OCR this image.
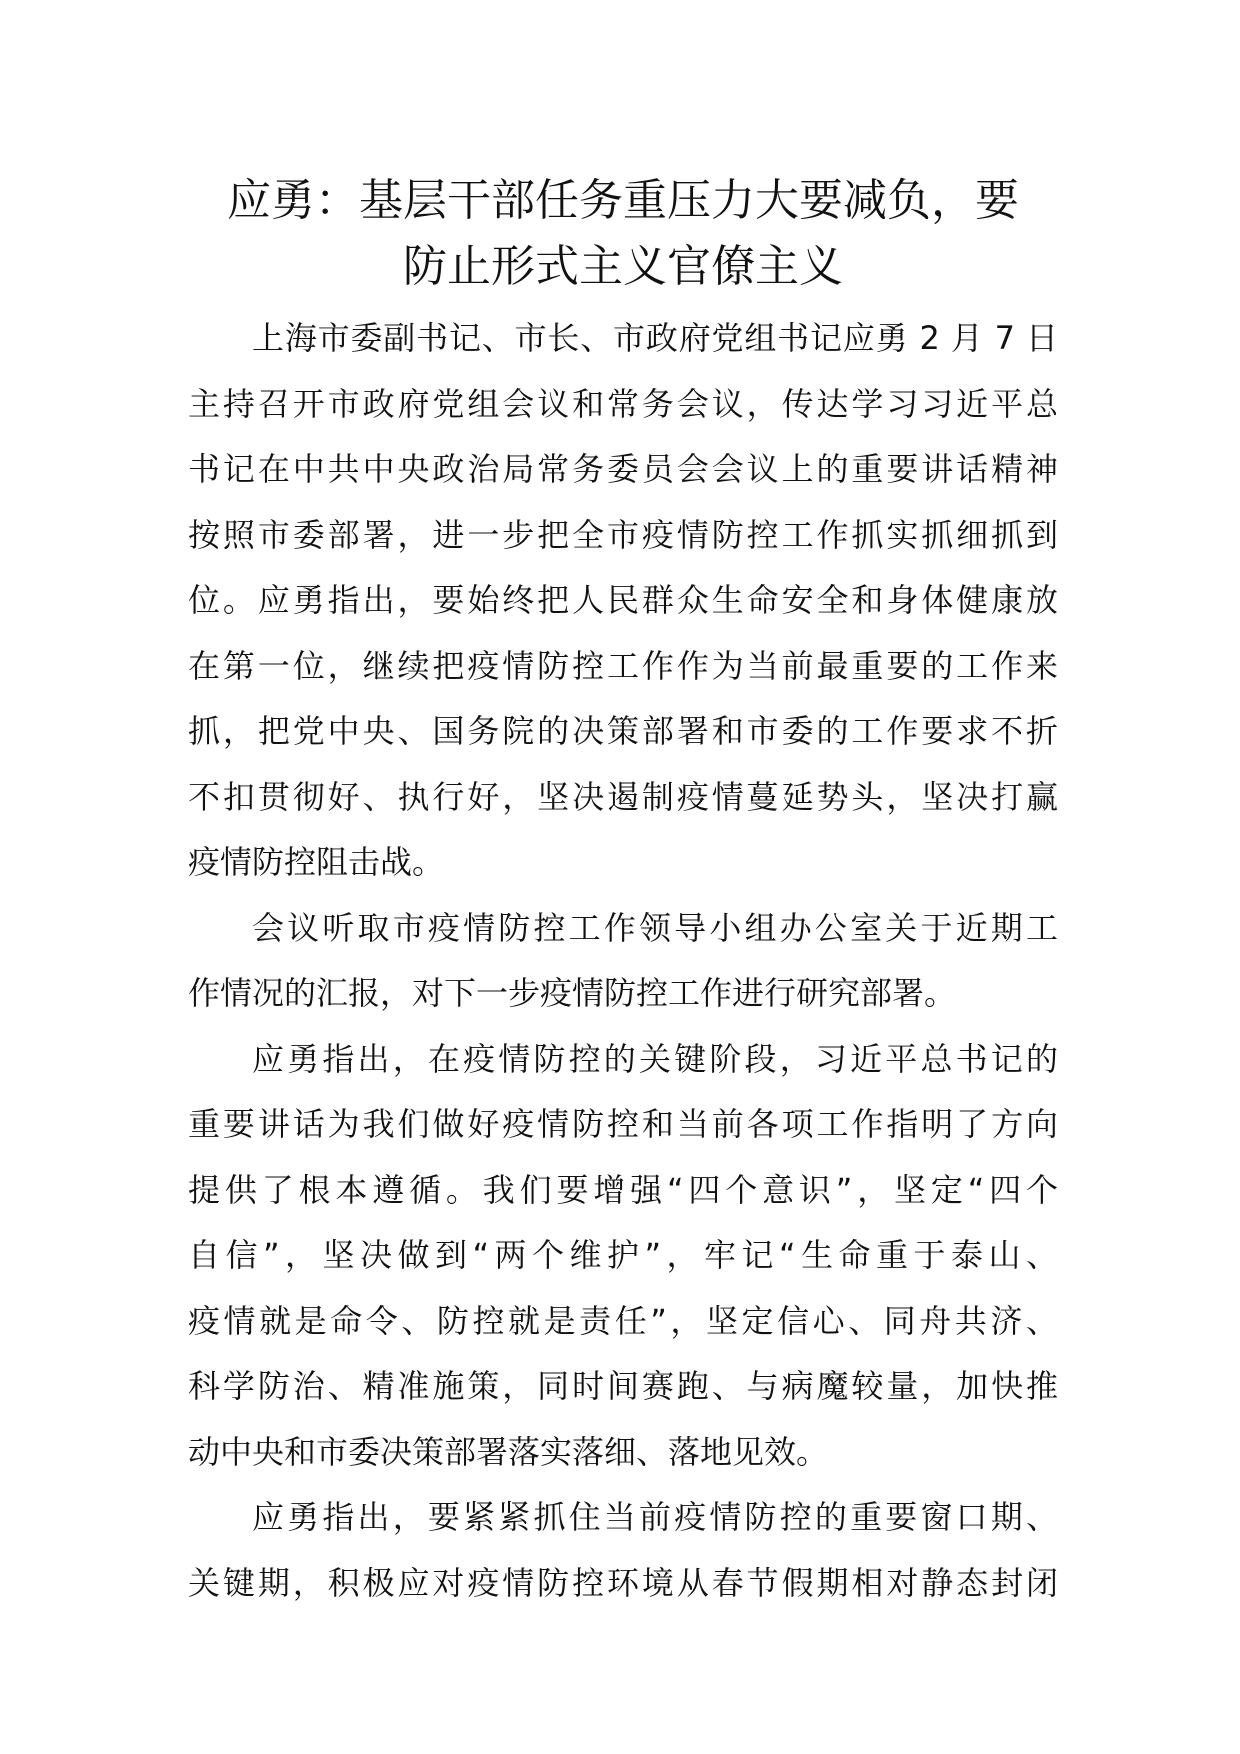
应勇：基层干部任务重压力大要减负，要
防止形式主义官僚主义

上海市委副书记、市长、市政府党组书记应勇 2 月 7 日
主持召开市政府党组会议和常务会议，传达学习习近平总
书记在中共中央政治局常务委员会会议上的重要讲话精神
按照市委部署，进一步把全市疫情防控工作抓实抓细抓到
位。应勇指出，要始终把人民群众生命安全和身体健康放
在第一位，继续把疫情防控工作作为当前最重要的工作来
抓，把党中央、国务院的决策部署和市委的工作要求不折
不扣贯彻好、执行好，坚决遏制疫情蔓延势头，坚决打赢
疫情防控阻击战。

会议听取市疫情防控工作领导小组办公室关于近期工
作情况的汇报，对下一步疫情防控工作进行研究部署。

应勇指出，在疫情防控的关键阶段，习近平总书记的
重要讲话为我们做好疫情防控和当前各项工作指明了方向
提供了根本遵循。我们要增强“四个意识”，坚定“四个
自信”，坚决做到“两个维护”，牢记“生命重于泰山、
疫情就是命令、防控就是责任”，坚定信心、同舟共济、
科学防治、精准施策，同时间赛跑、与病魔较量，加快推
动中央和市委决策部署落实落细、落地见效。

应勇指出，要紧紧抓住当前疫情防控的重要窗口期、
关键期，积极应对疫情防控环境从春节假期相对静态封闭
